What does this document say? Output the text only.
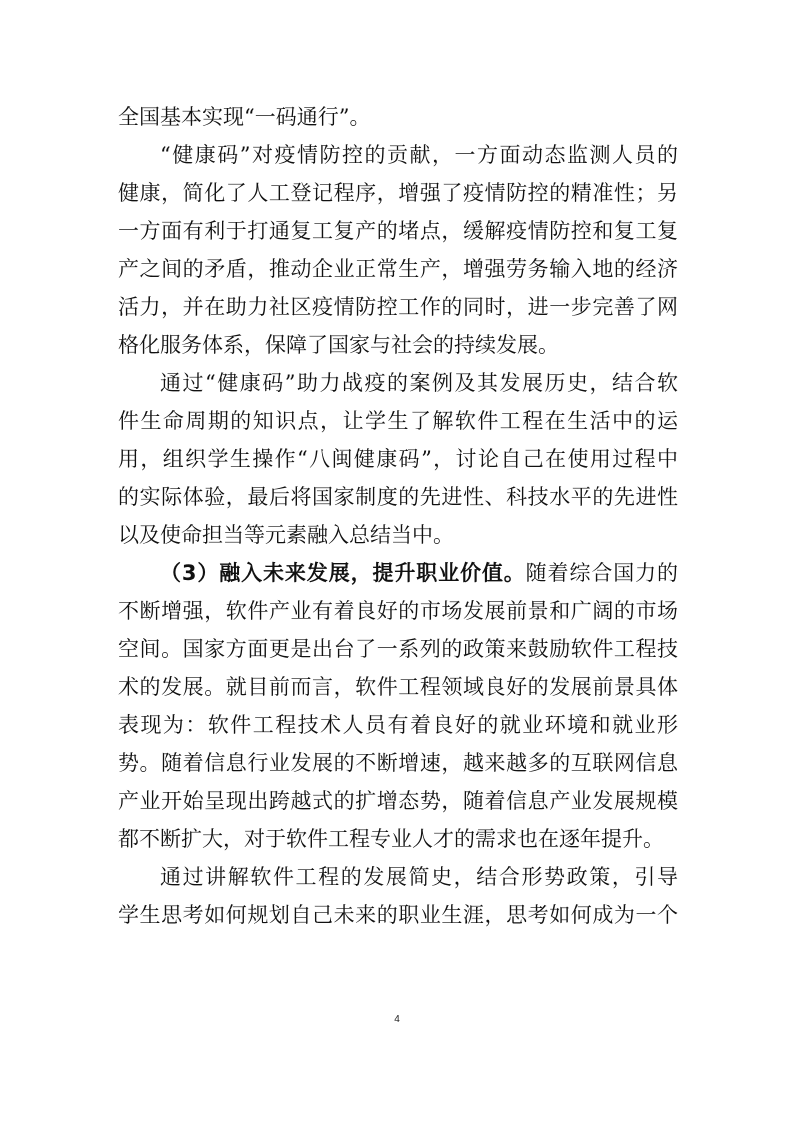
全国基本实现“一码通行”。
“健康码”对疫情防控的贡献，一方面动态监测人员的
健康，简化了人工登记程序，增强了疫情防控的精准性；另
一方面有利于打通复工复产的堵点，缓解疫情防控和复工复
产之间的矛盾，推动企业正常生产，增强劳务输入地的经济
活力，并在助力社区疫情防控工作的同时，进一步完善了网
格化服务体系，保障了国家与社会的持续发展。
通过“健康码”助力战疫的案例及其发展历史，结合软
件生命周期的知识点，让学生了解软件工程在生活中的运
用，组织学生操作“八闽健康码”，讨论自己在使用过程中
的实际体验，最后将国家制度的先进性、科技水平的先进性
以及使命担当等元素融入总结当中。
（3）融入未来发展，提升职业价值。随着综合国力的
不断增强，软件产业有着良好的市场发展前景和广阔的市场
空间。国家方面更是出台了一系列的政策来鼓励软件工程技
术的发展。就目前而言，软件工程领域良好的发展前景具体
表现为：软件工程技术人员有着良好的就业环境和就业形
势。随着信息行业发展的不断增速，越来越多的互联网信息
产业开始呈现出跨越式的扩增态势，随着信息产业发展规模
都不断扩大，对于软件工程专业人才的需求也在逐年提升。
通过讲解软件工程的发展简史，结合形势政策，引导
学生思考如何规划自己未来的职业生涯，思考如何成为一个
4
